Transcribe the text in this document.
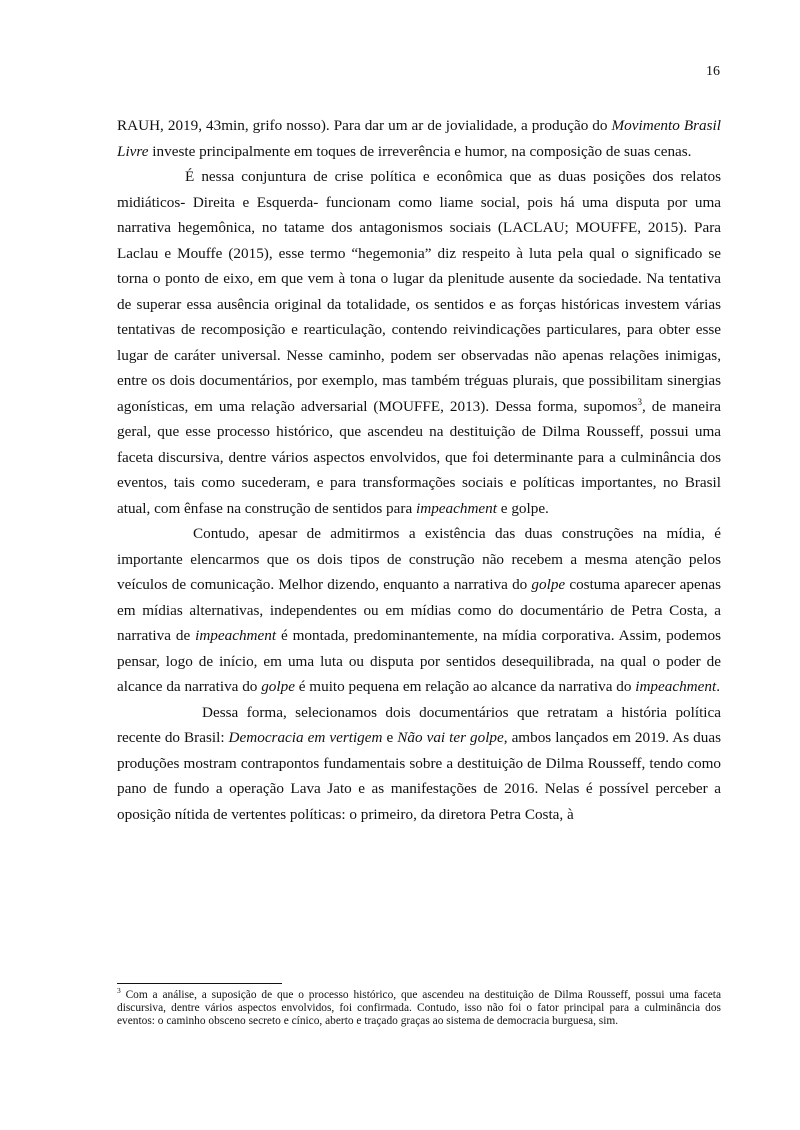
16

RAUH, 2019, 43min, grifo nosso). Para dar um ar de jovialidade, a produção do Movimento Brasil Livre investe principalmente em toques de irreverência e humor, na composição de suas cenas.

É nessa conjuntura de crise política e econômica que as duas posições dos relatos midiáticos- Direita e Esquerda- funcionam como liame social, pois há uma disputa por uma narrativa hegemônica, no tatame dos antagonismos sociais (LACLAU; MOUFFE, 2015). Para Laclau e Mouffe (2015), esse termo “hegemonia” diz respeito à luta pela qual o significado se torna o ponto de eixo, em que vem à tona o lugar da plenitude ausente da sociedade. Na tentativa de superar essa ausência original da totalidade, os sentidos e as forças históricas investem várias tentativas de recomposição e rearticulação, contendo reivindicações particulares, para obter esse lugar de caráter universal. Nesse caminho, podem ser observadas não apenas relações inimigas, entre os dois documentários, por exemplo, mas também tréguas plurais, que possibilitam sinergias agonísticas, em uma relação adversarial (MOUFFE, 2013). Dessa forma, supomos$^3$, de maneira geral, que esse processo histórico, que ascendeu na destituição de Dilma Rousseff, possui uma faceta discursiva, dentre vários aspectos envolvidos, que foi determinante para a culminância dos eventos, tais como sucederam, e para transformações sociais e políticas importantes, no Brasil atual, com ênfase na construção de sentidos para impeachment e golpe.

Contudo, apesar de admitirmos a existência das duas construções na mídia, é importante elencarmos que os dois tipos de construção não recebem a mesma atenção pelos veículos de comunicação. Melhor dizendo, enquanto a narrativa do golpe costuma aparecer apenas em mídias alternativas, independentes ou em mídias como do documentário de Petra Costa, a narrativa de impeachment é montada, predominantemente, na mídia corporativa. Assim, podemos pensar, logo de início, em uma luta ou disputa por sentidos desequilibrada, na qual o poder de alcance da narrativa do golpe é muito pequena em relação ao alcance da narrativa do impeachment.

Dessa forma, selecionamos dois documentários que retratam a história política recente do Brasil: Democracia em vertigem e Não vai ter golpe, ambos lançados em 2019. As duas produções mostram contrapontos fundamentais sobre a destituição de Dilma Rousseff, tendo como pano de fundo a operação Lava Jato e as manifestações de 2016. Nelas é possível perceber a oposição nítida de vertentes políticas: o primeiro, da diretora Petra Costa, à

$^3$ Com a análise, a suposição de que o processo histórico, que ascendeu na destituição de Dilma Rousseff, possui uma faceta discursiva, dentre vários aspectos envolvidos, foi confirmada. Contudo, isso não foi o fator principal para a culminância dos eventos: o caminho obsceno secreto e cínico, aberto e traçado graças ao sistema de democracia burguesa, sim.
